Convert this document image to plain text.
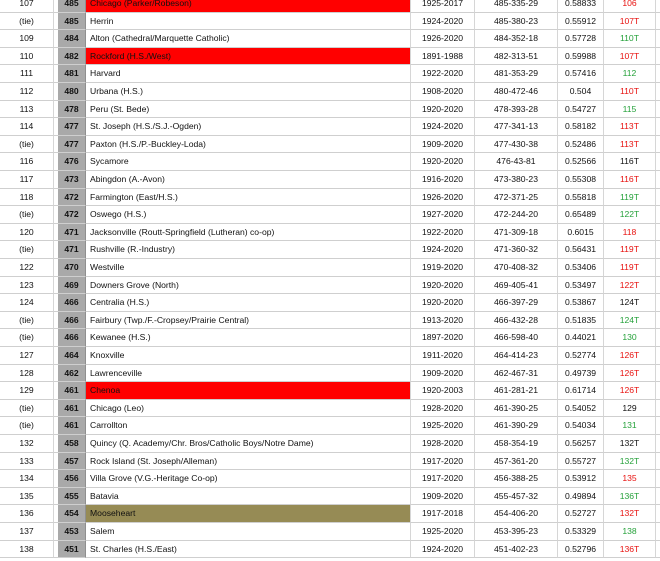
107	485	Chicago (Parker/Robeson)	1925-2017	485-335-29	0.58833	106
(tie)	485	Herrin	1924-2020	485-380-23	0.55912	107T
109	484	Alton (Cathedral/Marquette Catholic)	1926-2020	484-352-18	0.57728	110T
110	482	Rockford (H.S./West)	1891-1988	482-313-51	0.59988	107T
111	481	Harvard	1922-2020	481-353-29	0.57416	112
112	480	Urbana (H.S.)	1908-2020	480-472-46	0.504	110T
113	478	Peru (St. Bede)	1920-2020	478-393-28	0.54727	115
114	477	St. Joseph (H.S./S.J.-Ogden)	1924-2020	477-341-13	0.58182	113T
(tie)	477	Paxton (H.S./P.-Buckley-Loda)	1909-2020	477-430-38	0.52486	113T
116	476	Sycamore	1920-2020	476-43-81	0.52566	116T
117	473	Abingdon (A.-Avon)	1916-2020	473-380-23	0.55308	116T
118	472	Farmington (East/H.S.)	1926-2020	472-371-25	0.55818	119T
(tie)	472	Oswego (H.S.)	1927-2020	472-244-20	0.65489	122T
120	471	Jacksonville (Routt-Springfield (Lutheran) co-op)	1922-2020	471-309-18	0.6015	118
(tie)	471	Rushville (R.-Industry)	1924-2020	471-360-32	0.56431	119T
122	470	Westville	1919-2020	470-408-32	0.53406	119T
123	469	Downers Grove (North)	1920-2020	469-405-41	0.53497	122T
124	466	Centralia (H.S.)	1920-2020	466-397-29	0.53867	124T
(tie)	466	Fairbury (Twp./F.-Cropsey/Prairie Central)	1913-2020	466-432-28	0.51835	124T
(tie)	466	Kewanee (H.S.)	1897-2020	466-598-40	0.44021	130
127	464	Knoxville	1911-2020	464-414-23	0.52774	126T
128	462	Lawrenceville	1909-2020	462-467-31	0.49739	126T
129	461	Chenoa	1920-2003	461-281-21	0.61714	126T
(tie)	461	Chicago (Leo)	1928-2020	461-390-25	0.54052	129
(tie)	461	Carrollton	1925-2020	461-390-29	0.54034	131
132	458	Quincy (Q. Academy/Chr. Bros/Catholic Boys/Notre Dame)	1928-2020	458-354-19	0.56257	132T
133	457	Rock Island (St. Joseph/Alleman)	1917-2020	457-361-20	0.55727	132T
134	456	Villa Grove (V.G.-Heritage Co-op)	1917-2020	456-388-25	0.53912	135
135	455	Batavia	1909-2020	455-457-32	0.49894	136T
136	454	Mooseheart	1917-2018	454-406-20	0.52727	132T
137	453	Salem	1925-2020	453-395-23	0.53329	138
138	451	St. Charles (H.S./East)	1924-2020	451-402-23	0.52796	136T
